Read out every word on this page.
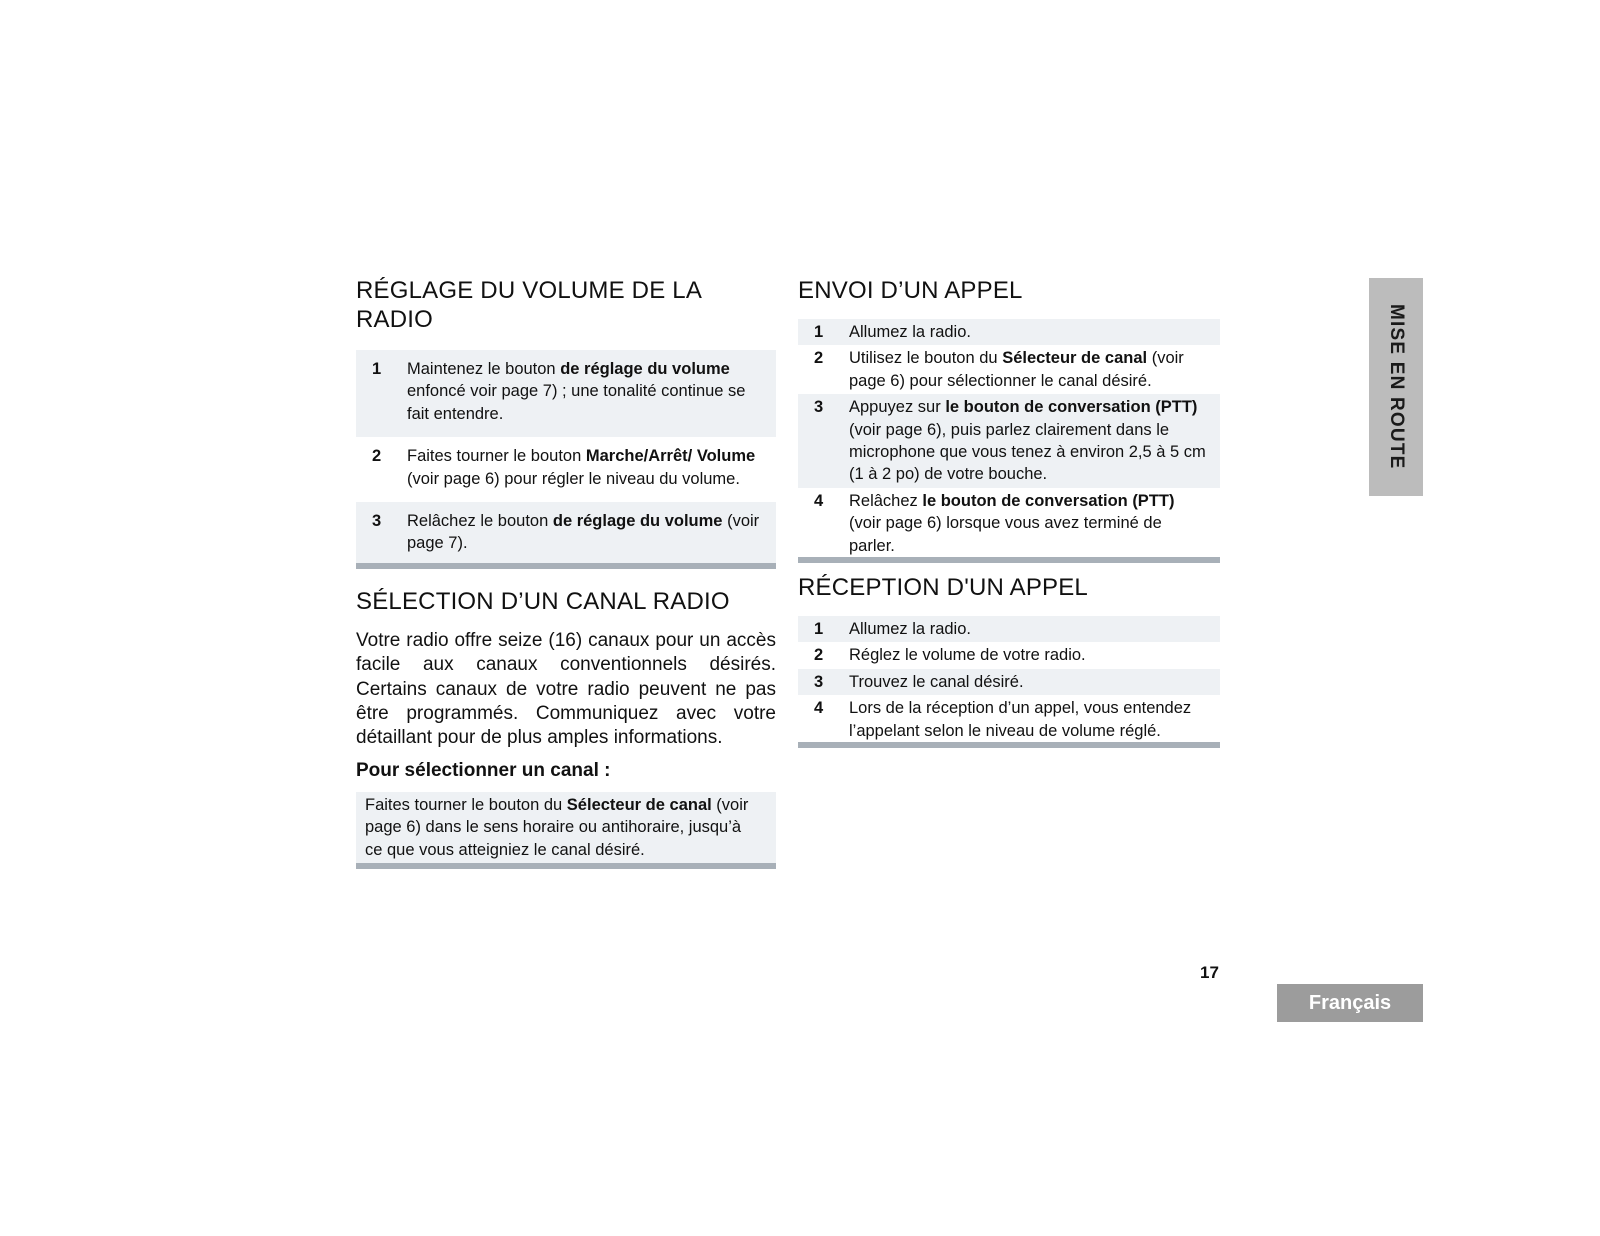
RÉGLAGE DU VOLUME DE LA
RADIO
1	Maintenez le bouton de réglage du volume enfoncé voir page 7) ; une tonalité continue se fait entendre.
2	Faites tourner le bouton Marche/Arrêt/ Volume (voir page 6) pour régler le niveau du volume.
3	Relâchez le bouton de réglage du volume (voir page 7).
SÉLECTION D’UN CANAL RADIO

Votre radio offre seize (16) canaux pour un accès facile aux canaux conventionnels désirés. Certains canaux de votre radio peuvent ne pas être programmés. Communiquez avec votre détaillant pour de plus amples informations.

Pour sélectionner un canal :

Faites tourner le bouton du Sélecteur de canal (voir page 6) dans le sens horaire ou antihoraire, jusqu’à ce que vous atteigniez le canal désiré.
ENVOI D’UN APPEL
1	Allumez la radio.
2	Utilisez le bouton du Sélecteur de canal (voir page 6) pour sélectionner le canal désiré.
3	Appuyez sur le bouton de conversation (PTT) (voir page 6), puis parlez clairement dans le microphone que vous tenez à environ 2,5 à 5 cm (1 à 2 po) de votre bouche.
4	Relâchez le bouton de conversation (PTT) (voir page 6) lorsque vous avez terminé de parler.
RÉCEPTION D'UN APPEL
1	Allumez la radio.
2	Réglez le volume de votre radio.
3	Trouvez le canal désiré.
4	Lors de la réception d’un appel, vous entendez l’appelant selon le niveau de volume réglé.
MISE EN ROUTE
17
Français
